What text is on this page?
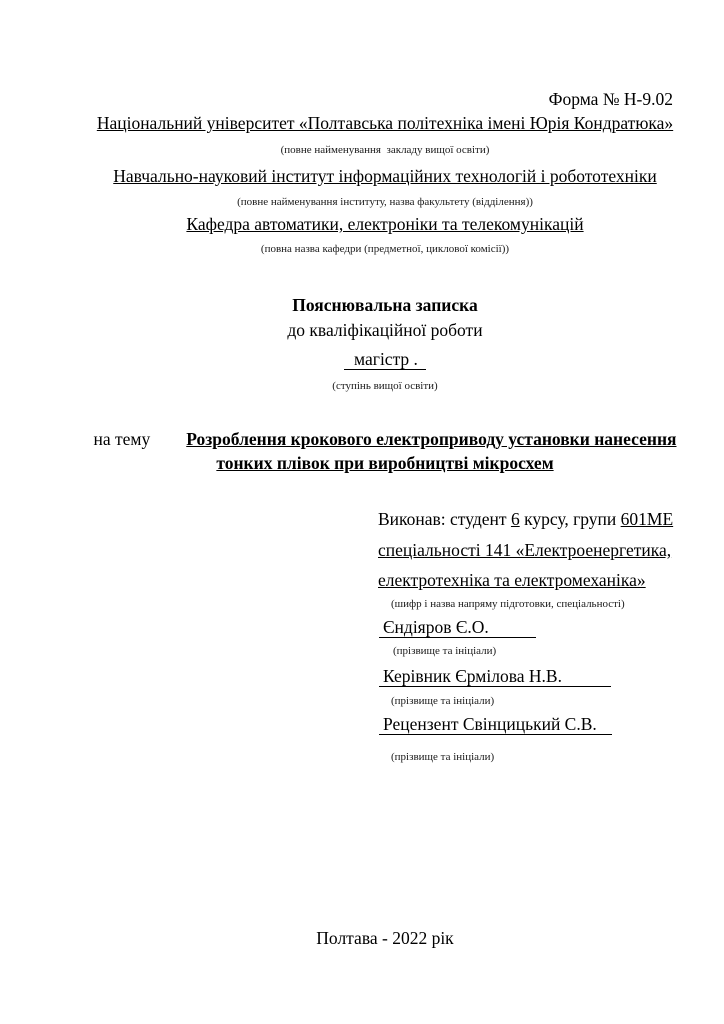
Форма № Н-9.02
Національний університет «Полтавська політехніка імені Юрія Кондратюка»
(повне найменування  закладу вищої освіти)
Навчально-науковий інститут інформаційних технологій і робототехніки
(повне найменування інституту, назва факультету (відділення))
Кафедра автоматики, електроніки та телекомунікацій
(повна назва кафедри (предметної, циклової комісії))
Пояснювальна записка
до кваліфікаційної роботи
магістр .
(ступінь вищої освіти)
на тему Розроблення крокового електроприводу установки нанесення
тонких плівок при виробництві мікросхем
Виконав: студент 6 курсу, групи 601МЕ
спеціальності 141 «Електроенергетика,
електротехніка та електромеханіка»
(шифр і назва напряму підготовки, спеціальності)
Єндіяров Є.О.
(прізвище та ініціали)
Керівник Єрмілова Н.В.
(прізвище та ініціали)
Рецензент Свінцицький С.В.
(прізвище та ініціали)
Полтава - 2022 рік
